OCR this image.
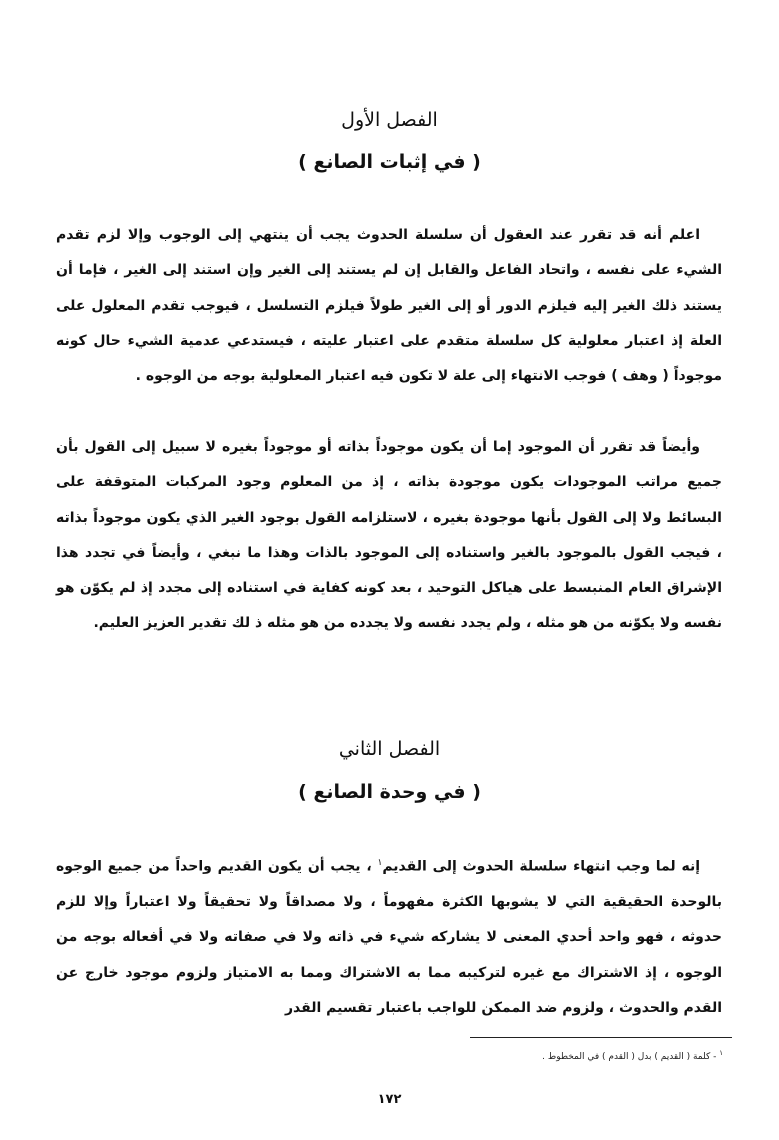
الفصل الأول
( في إثبات الصانع )

اعلم أنه قد تقرر عند العقول أن سلسلة الحدوث يجب أن ينتهي إلى الوجوب وإلا لزم تقدم الشيء على نفسه ، واتحاد الفاعل والقابل إن لم يستند إلى الغير وإن استند إلى الغير ، فإما أن يستند ذلك الغير إليه فيلزم الدور أو إلى الغير طولاً فيلزم التسلسل ، فيوجب تقدم المعلول على العلة إذ اعتبار معلولية كل سلسلة متقدم على اعتبار عليته ، فيستدعي عدمية الشيء حال كونه موجوداً ( وهف ) فوجب الانتهاء إلى علة لا تكون فيه اعتبار المعلولية بوجه من الوجوه .

وأيضاً قد تقرر أن الموجود إما أن يكون موجوداً بذاته أو موجوداً بغيره لا سبيل إلى القول بأن جميع مراتب الموجودات يكون موجودة بذاته ، إذ من المعلوم وجود المركبات المتوقفة على البسائط ولا إلى القول بأنها موجودة بغيره ، لاستلزامه القول بوجود الغير الذي يكون موجوداً بذاته ، فيجب القول بالموجود بالغير واستناده إلى الموجود بالذات وهذا ما نبغي ، وأيضاً في تجدد هذا الإشراق العام المنبسط على هياكل التوحيد ، بعد كونه كفاية في استناده إلى مجدد إذ لم يكوّن هو نفسه ولا يكوّنه من هو مثله ، ولم يجدد نفسه ولا يجدده من هو مثله ذ لك تقدير العزيز العليم.

الفصل الثاني
( في وحدة الصانع )

إنه لما وجب انتهاء سلسلة الحدوث إلى القديم$^١$ ، يجب أن يكون القديم واحداً من جميع الوجوه بالوحدة الحقيقية التي لا يشوبها الكثرة مفهوماً ، ولا مصداقاً ولا تحقيقاً ولا اعتباراً وإلا للزم حدوثه ، فهو واحد أحدي المعنى لا يشاركه شيء في ذاته ولا في صفاته ولا في أفعاله بوجه من الوجوه ، إذ الاشتراك مع غيره لتركيبه مما به الاشتراك ومما به الامتياز ولزوم موجود خارج عن القدم والحدوث ، ولزوم ضد الممكن للواجب باعتبار تقسيم القدر

$^١$ - كلمة ( القديم ) بدل ( القدم ) في المخطوط .

١٧٢
